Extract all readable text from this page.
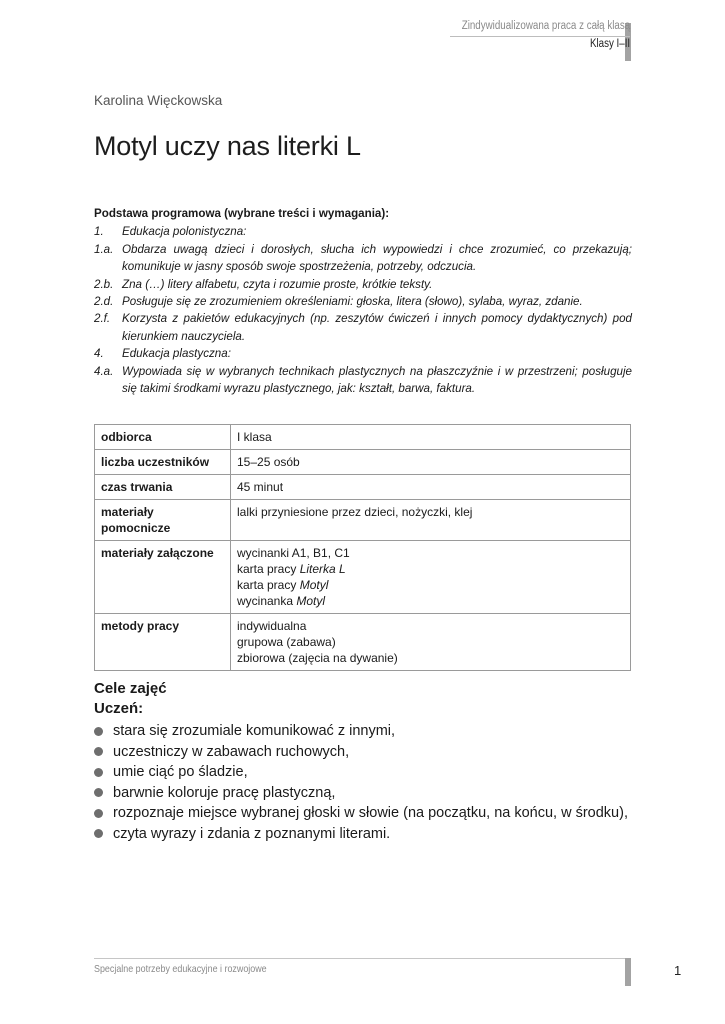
Zindywidualizowana praca z całą klasą
Klasy I–II
Karolina Więckowska
Motyl uczy nas literki L
Podstawa programowa (wybrane treści i wymagania):
1.	Edukacja polonistyczna:
1.a. Obdarza uwagą dzieci i dorosłych, słucha ich wypowiedzi i chce zrozumieć, co przekazują; komunikuje w jasny sposób swoje spostrzeżenia, potrzeby, odczucia.
2.b. Zna (…) litery alfabetu, czyta i rozumie proste, krótkie teksty.
2.d. Posługuje się ze zrozumieniem określeniami: głoska, litera (słowo), sylaba, wyraz, zdanie.
2.f.	Korzysta z pakietów edukacyjnych (np. zeszytów ćwiczeń i innych pomocy dydaktycznych) pod kierunkiem nauczyciela.
4.	Edukacja plastyczna:
4.a. Wypowiada się w wybranych technikach plastycznych na płaszczyźnie i w przestrzeni; posługuje się takimi środkami wyrazu plastycznego, jak: kształt, barwa, faktura.
odbiorca	I klasa
liczba uczestników	15–25 osób
czas trwania	45 minut
materiały pomocnicze	lalki przyniesione przez dzieci, nożyczki, klej
materiały załączone	wycinanki A1, B1, C1
karta pracy Literka L
karta pracy Motyl
wycinanka Motyl

metody pracy	indywidualna
grupowa (zabawa)
zbiorowa (zajęcia na dywanie)
Cele zajęć
Uczeń:
stara się zrozumiale komunikować z innymi,
uczestniczy w zabawach ruchowych,
umie ciąć po śladzie,
barwnie koloruje pracę plastyczną,
rozpoznaje miejsce wybranej głoski w słowie (na początku, na końcu, w środku),
czyta wyrazy i zdania z poznanymi literami.
Specjalne potrzeby edukacyjne i rozwojowe	1
